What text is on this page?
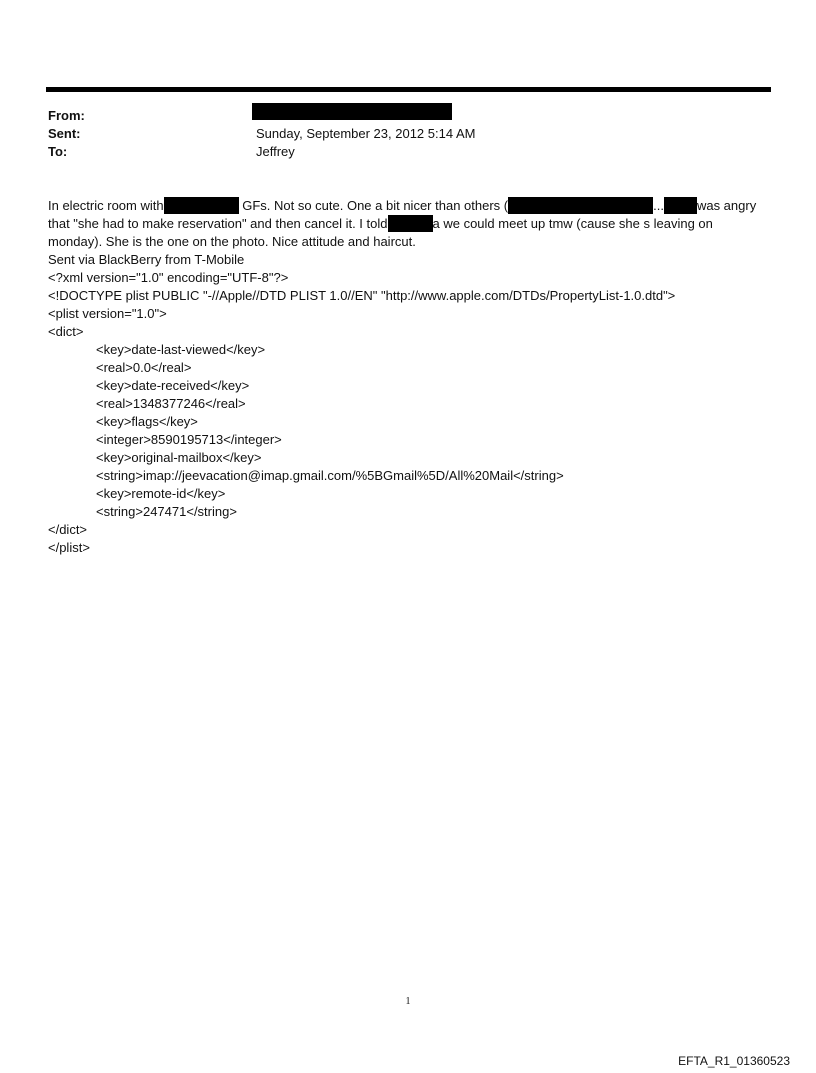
From:
Sent:	Sunday, September 23, 2012 5:14 AM
To:	Jeffrey
In electric room with	GFs. Not so cute. One a bit nicer than others (	...	was angry
that "she had to make reservation" and then cancel it. I told	a we could meet up tmw (cause she s leaving on
monday). She is the one on the photo. Nice attitude and haircut.
Sent via BlackBerry from T-Mobile
<?xml version="1.0" encoding="UTF-8"?>
<!DOCTYPE plist PUBLIC "-//Apple//DTD PLIST 1.0//EN" "http://www.apple.com/DTDs/PropertyList-1.0.dtd">
<plist version="1.0">
<dict>
<key>date-last-viewed</key>
<real>0.0</real>
<key>date-received</key>
<real>1348377246</real>
<key>flags</key>
<integer>8590195713</integer>
<key>original-mailbox</key>
<string>imap://jeevacation@imap.gmail.com/%5BGmail%5D/All%20Mail</string>
<key>remote-id</key>
<string>247471</string>
</dict>
</plist>
1
EFTA_R1_01360523
